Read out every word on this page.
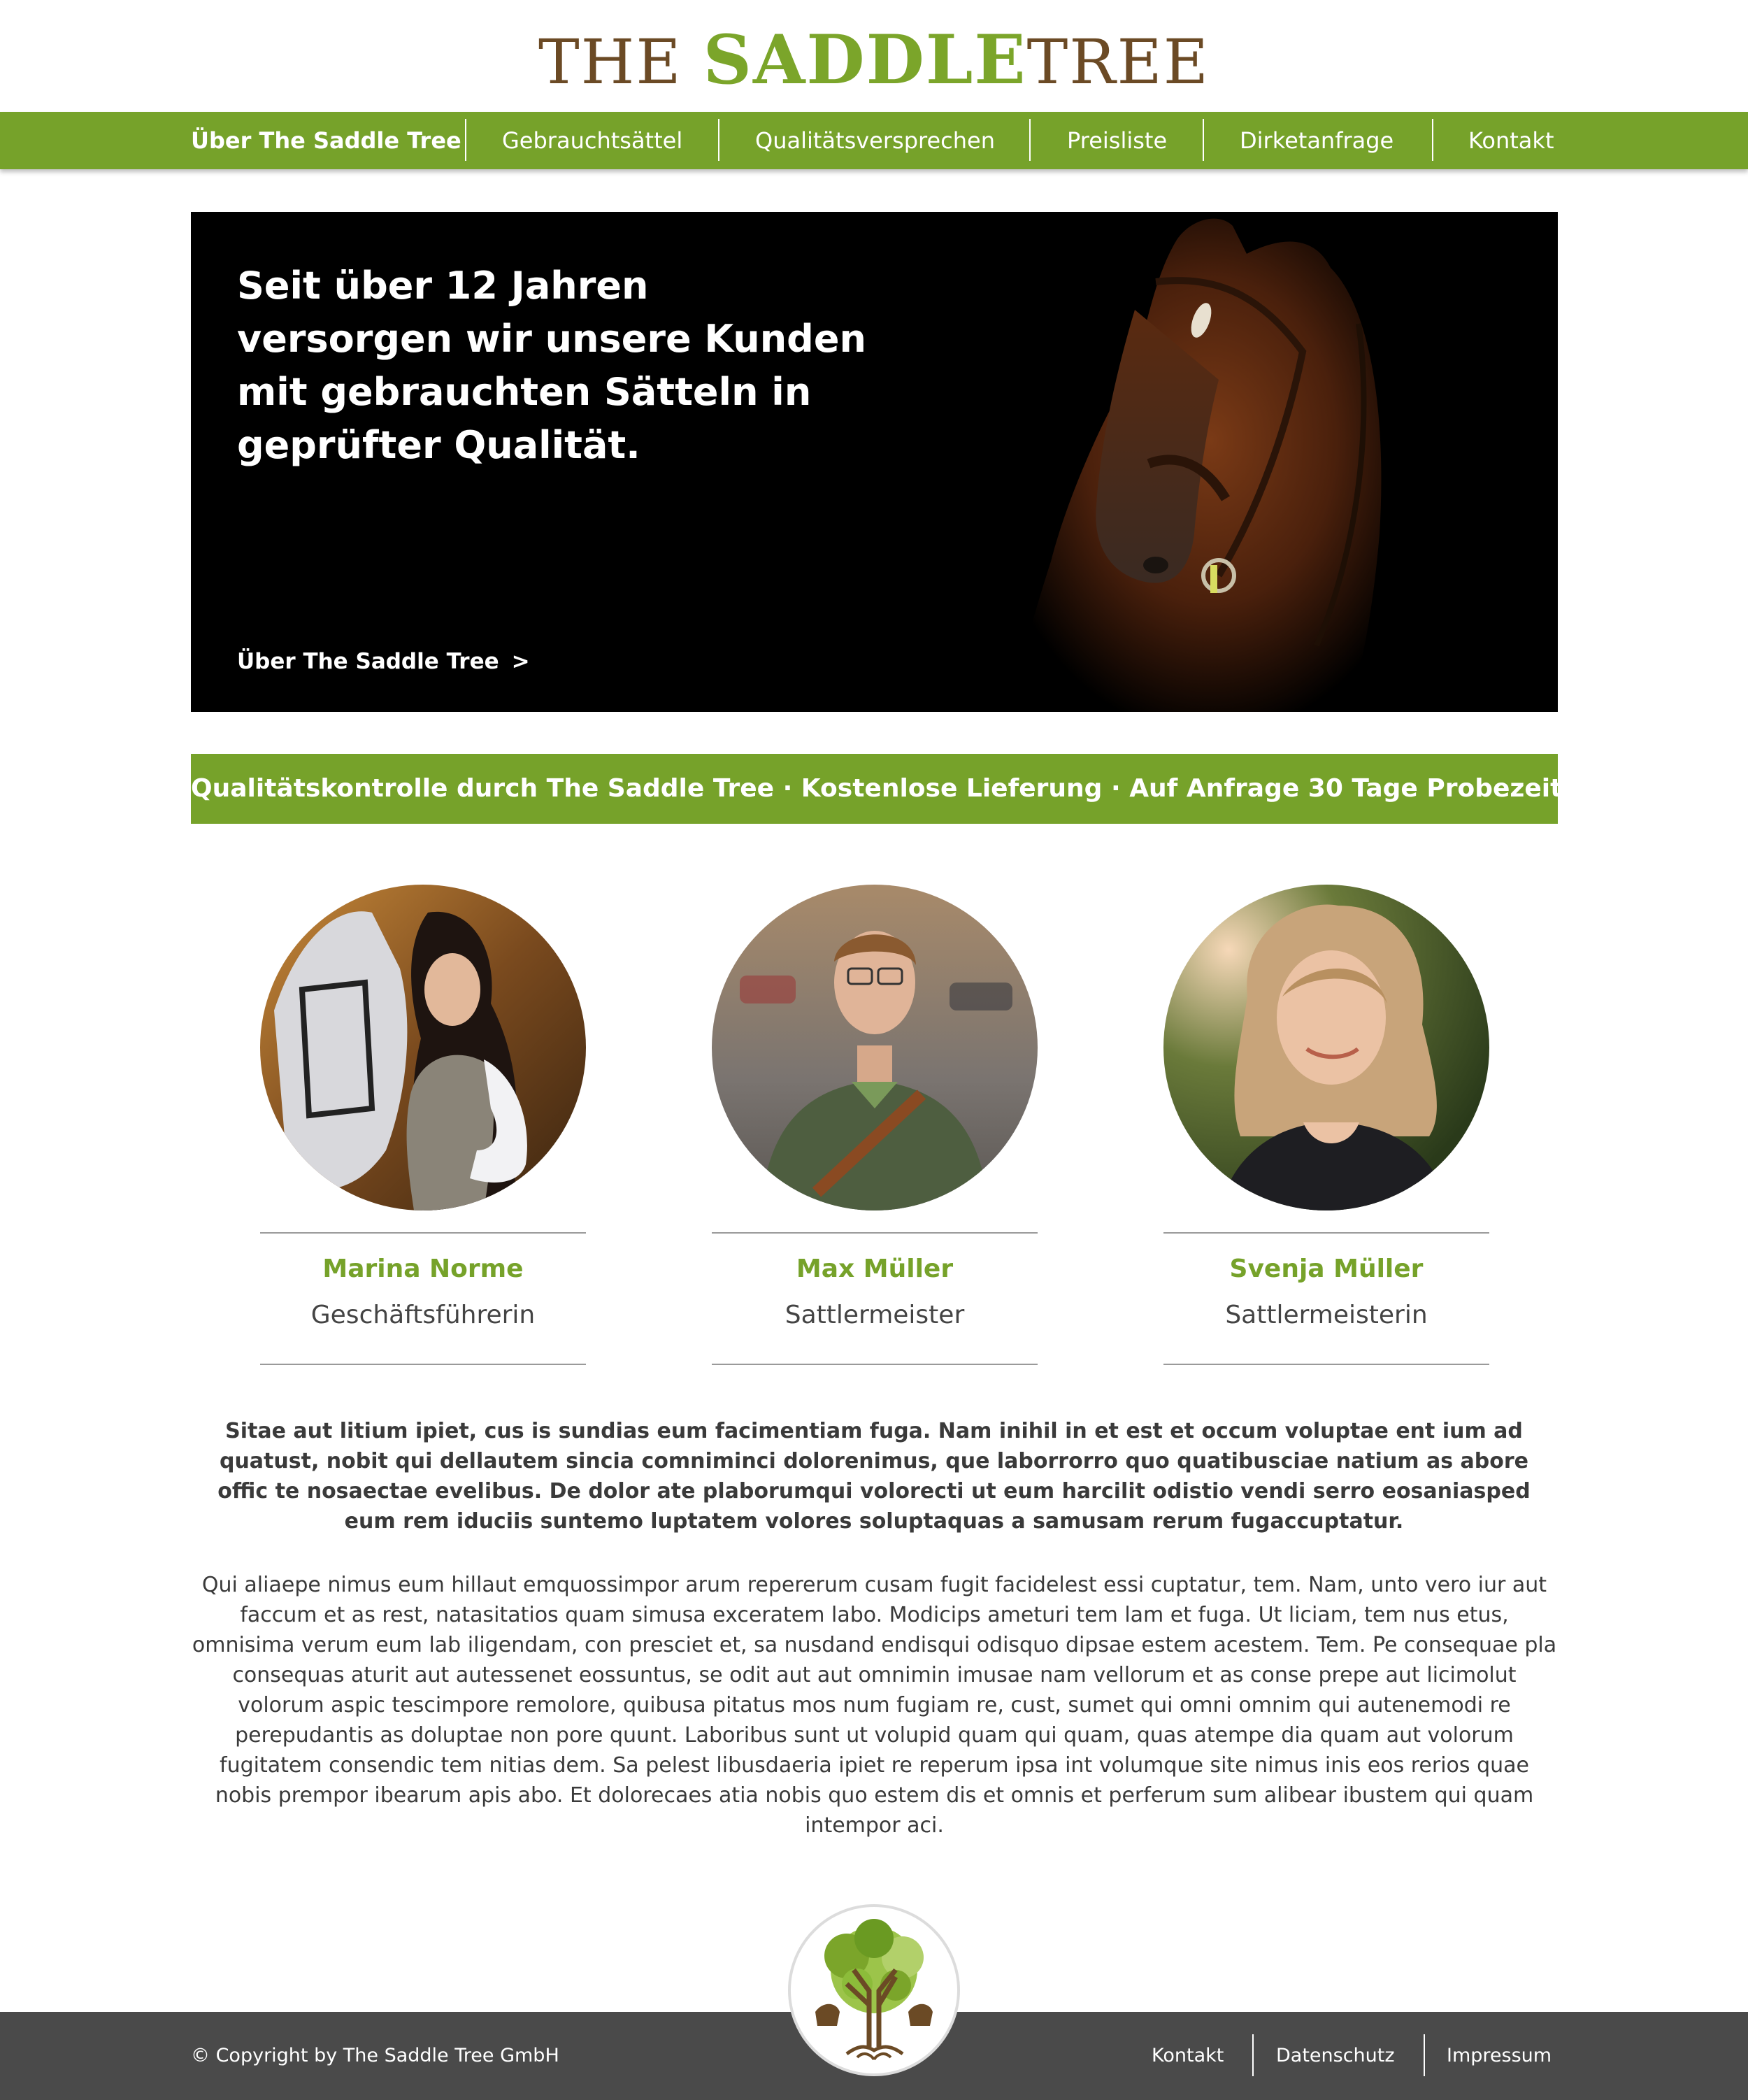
THE SADDLETREE
Über The Saddle Tree Gebrauchtsättel	Qualitätsversprechen	Preisliste	Dirketanfrage	Kontakt
Seit über 12 Jahren versorgen wir unsere Kunden mit gebrauchten Sätteln in geprüfter Qualität.
Über The Saddle Tree >
Qualitätskontrolle durch The Saddle Tree · Kostenlose Lieferung · Auf Anfrage 30 Tage Probezeit
Marina Norme
Geschäftsführerin
Max Müller
Sattlermeister
Svenja Müller
Sattlermeisterin

Sitae aut litium ipiet, cus is sundias eum facimentiam fuga. Nam inihil in et est et occum voluptae ent ium ad quatust, nobit qui dellautem sincia comniminci dolorenimus, que laborrorro quo quatibusciae natium as abore offic te nosaectae evelibus. De dolor ate plaborumqui volorecti ut eum harcilit odistio vendi serro eosaniasped eum rem iduciis suntemo luptatem volores soluptaquas a samusam rerum fugaccuptatur.

Qui aliaepe nimus eum hillaut emquossimpor arum repererum cusam fugit facidelest essi cuptatur, tem. Nam, unto vero iur aut faccum et as rest, natasitatios quam simusa exceratem labo. Modicips ameturi tem lam et fuga. Ut liciam, tem nus etus, omnisima verum eum lab iligendam, con presciet et, sa nusdand endisqui odisquo dipsae estem acestem. Tem. Pe consequae pla consequas aturit aut autessenet eossuntus, se odit aut aut omnimin imusae nam vellorum et as conse prepe aut licimolut volorum aspic tescimpore remolore, quibusa pitatus mos num fugiam re, cust, sumet qui omni omnim qui autenemodi re perepudantis as doluptae non pore quunt. Laboribus sunt ut volupid quam qui quam, quas atempe dia quam aut volorum fugitatem consendic tem nitias dem. Sa pelest libusdaeria ipiet re reperum ipsa int volumque site nimus inis eos rerios quae nobis prempor ibearum apis abo. Et dolorecaes atia nobis quo estem dis et omnis et perferum sum alibear ibustem qui quam intempor aci.

© Copyright by The Saddle Tree GmbH	Kontakt	Datenschutz	Impressum
